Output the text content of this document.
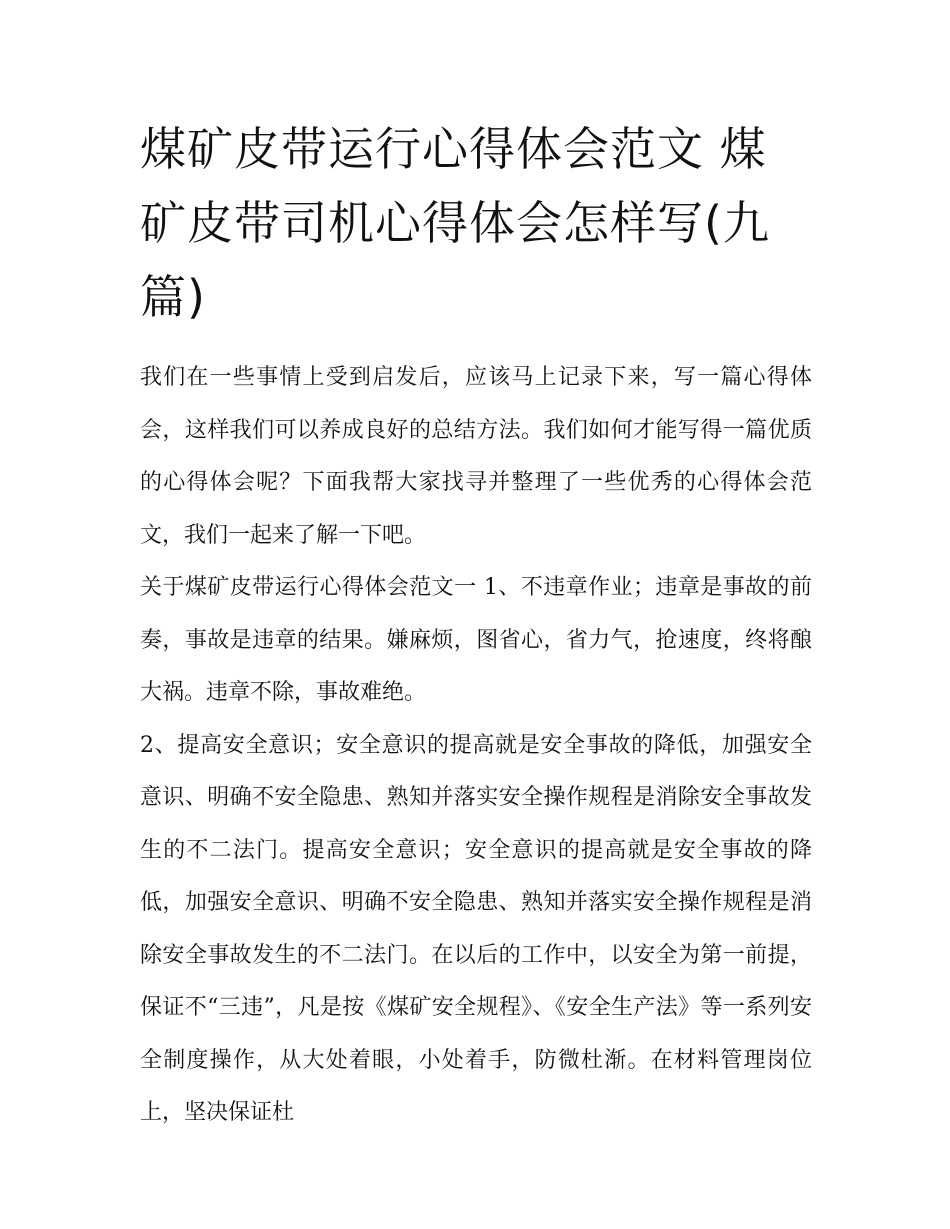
煤矿皮带运行心得体会范文 煤矿皮带司机心得体会怎样写(九篇)

我们在一些事情上受到启发后，应该马上记录下来，写一篇心得体会，这样我们可以养成良好的总结方法。我们如何才能写得一篇优质的心得体会呢？下面我帮大家找寻并整理了一些优秀的心得体会范文，我们一起来了解一下吧。

关于煤矿皮带运行心得体会范文一 1、不违章作业；违章是事故的前奏，事故是违章的结果。嫌麻烦，图省心，省力气，抢速度，终将酿大祸。违章不除，事故难绝。

2、提高安全意识；安全意识的提高就是安全事故的降低，加强安全意识、明确不安全隐患、熟知并落实安全操作规程是消除安全事故发生的不二法门。提高安全意识；安全意识的提高就是安全事故的降低，加强安全意识、明确不安全隐患、熟知并落实安全操作规程是消除安全事故发生的不二法门。在以后的工作中，以安全为第一前提，保证不“三违”，凡是按《煤矿安全规程》、《安全生产法》等一系列安全制度操作，从大处着眼，小处着手，防微杜渐。在材料管理岗位上，坚决保证杜
